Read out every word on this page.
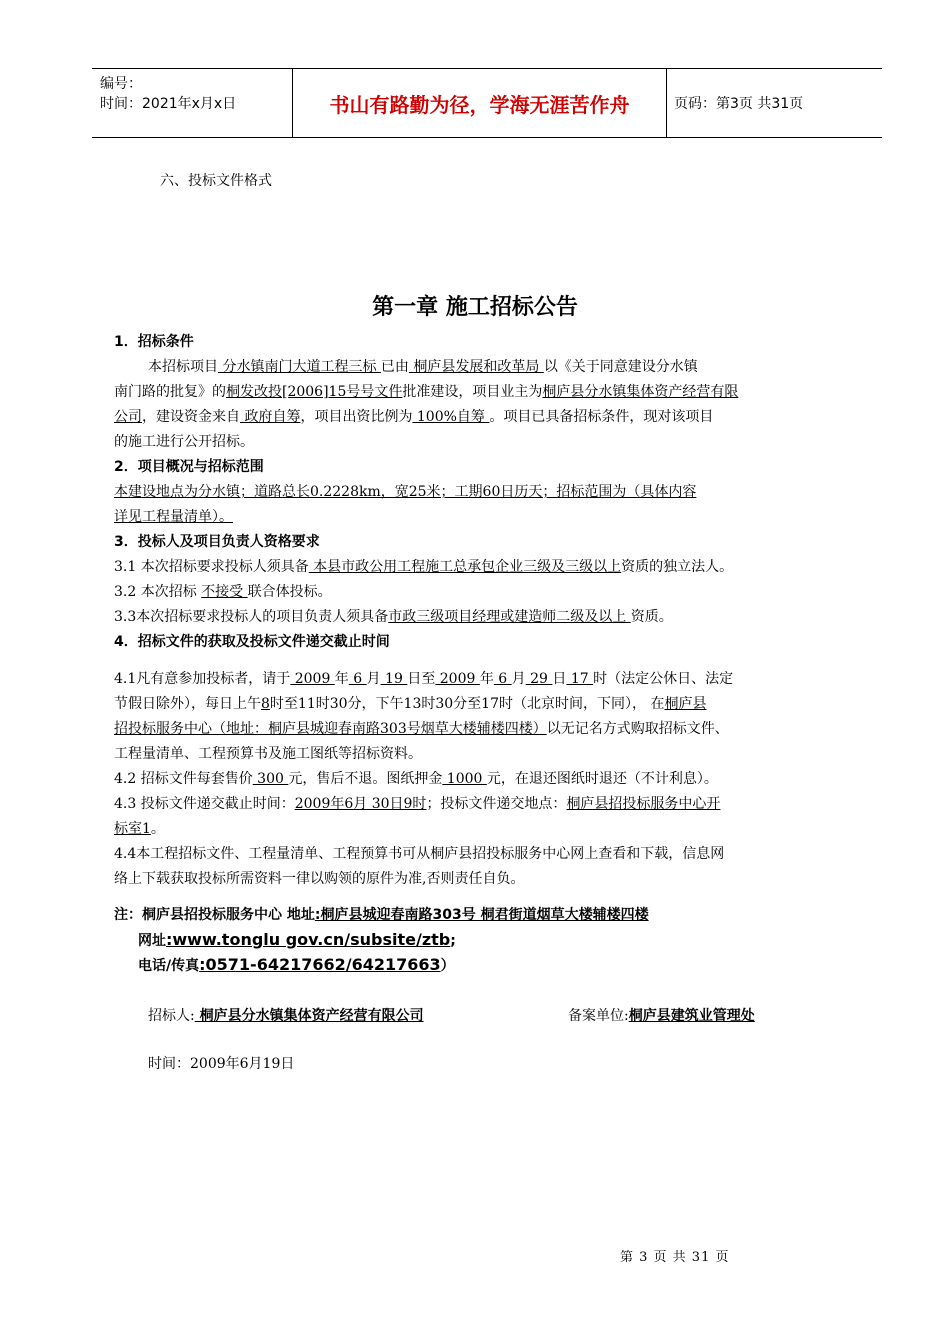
编号：
时间：2021年x月x日	书山有路勤为径，学海无涯苦作舟	页码：第3页 共31页
六、投标文件格式
第一章 施工招标公告
1．招标条件
本招标项目 分水镇南门大道工程三标 已由 桐庐县发展和改革局 以《关于同意建设分水镇
南门路的批复》的桐发改投[2006]15号号文件批准建设，项目业主为桐庐县分水镇集体资产经营有限
公司，建设资金来自 政府自筹，项目出资比例为 100%自筹 。项目已具备招标条件，现对该项目
的施工进行公开招标。
2．项目概况与招标范围
本建设地点为分水镇；道路总长0.2228km，宽25米；工期60日历天；招标范围为（具体内容
详见工程量清单）。
3．投标人及项目负责人资格要求
3.1 本次招标要求投标人须具备 本县市政公用工程施工总承包企业三级及三级以上资质的独立法人。
3.2 本次招标 不接受 联合体投标。
3.3本次招标要求投标人的项目负责人须具备市政三级项目经理或建造师二级及以上 资质。
4．招标文件的获取及投标文件递交截止时间
4.1凡有意参加投标者，请于 2009 年 6 月 19 日至 2009 年 6 月 29 日 17 时（法定公休日、法定
节假日除外），每日上午8时至11时30分，下午13时30分至17时（北京时间，下同）， 在桐庐县
招投标服务中心（地址：桐庐县城迎春南路303号烟草大楼辅楼四楼）以无记名方式购取招标文件、
工程量清单、工程预算书及施工图纸等招标资料。
4.2 招标文件每套售价 300 元，售后不退。图纸押金 1000 元，在退还图纸时退还（不计利息）。
4.3 投标文件递交截止时间：2009年6月 30日9时；投标文件递交地点：桐庐县招投标服务中心开
标室1。
4.4本工程招标文件、工程量清单、工程预算书可从桐庐县招投标服务中心网上查看和下载，信息网
络上下载获取投标所需资料一律以购领的原件为准,否则责任自负。
注：桐庐县招投标服务中心 地址:桐庐县城迎春南路303号 桐君街道烟草大楼辅楼四楼
网址:www.tonglu gov.cn/subsite/ztb;
电话/传真:0571-64217662/64217663）
招标人: 桐庐县分水镇集体资产经营有限公司	备案单位:桐庐县建筑业管理处
时间：2009年6月19日
第 3 页 共 31 页
